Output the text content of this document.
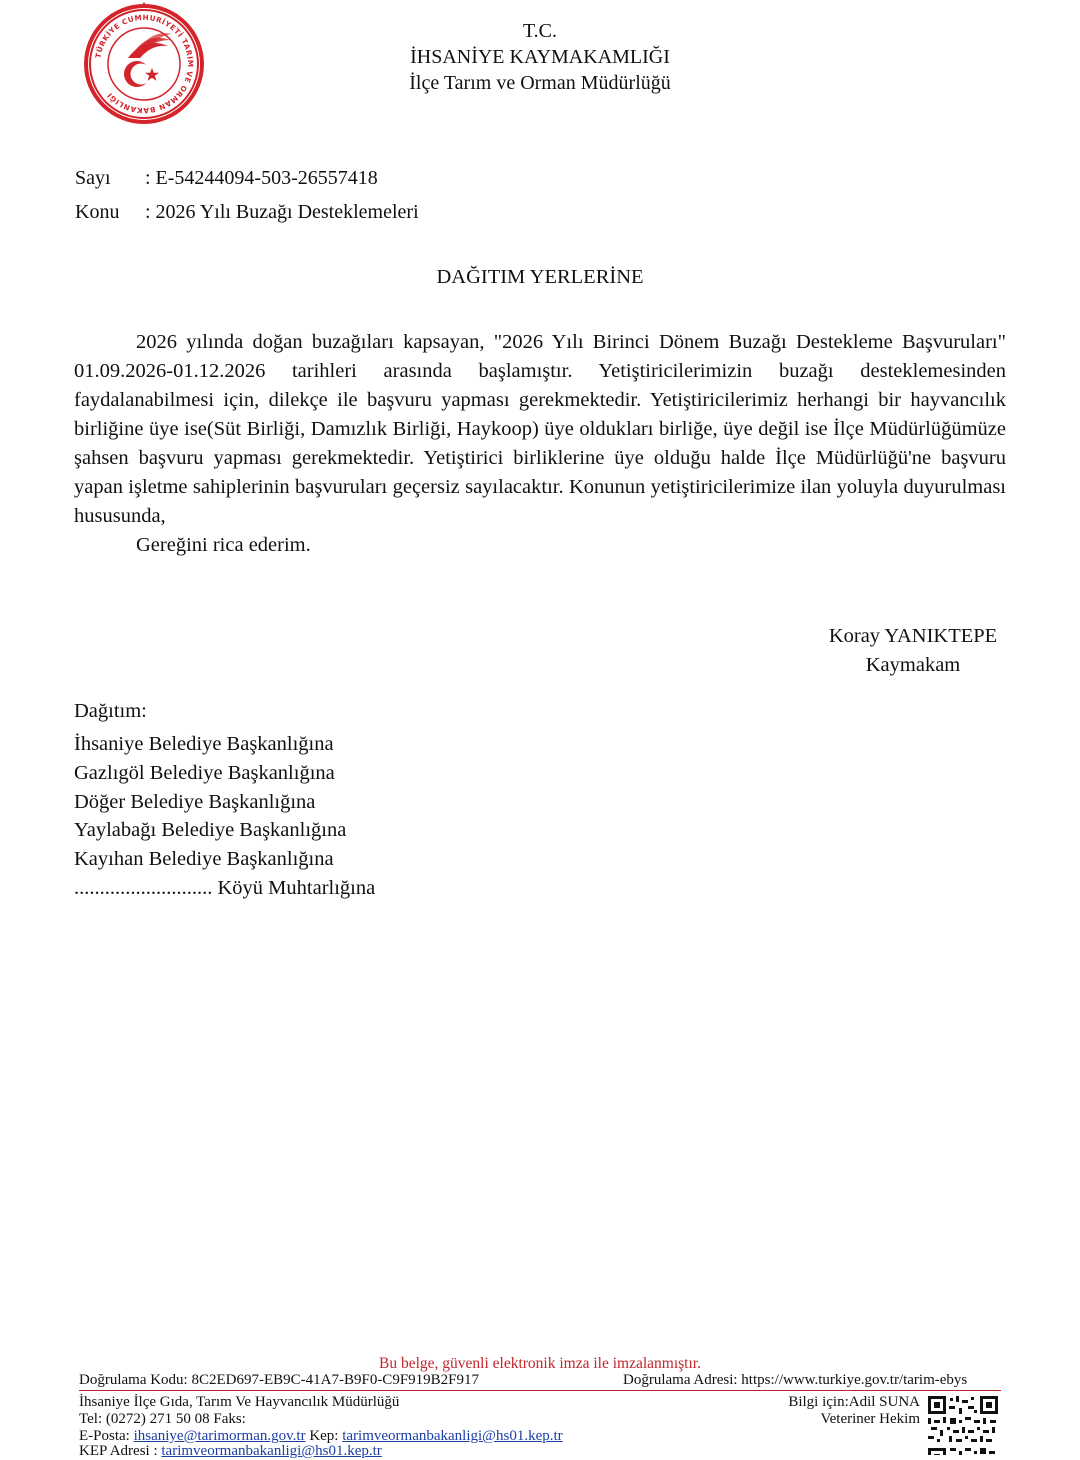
TÜRKİYE CUMHURİYETİ TARIM VE ORMAN BAKANLIĞI
T.C.
İHSANİYE KAYMAKAMLIĞI
İlçe Tarım ve Orman Müdürlüğü
Sayı : E-54244094-503-26557418
Konu : 2026 Yılı Buzağı Desteklemeleri
DAĞITIM YERLERİNE

2026 yılında doğan buzağıları kapsayan, "2026 Yılı Birinci Dönem Buzağı Destekleme Başvuruları" 01.09.2026-01.12.2026 tarihleri arasında başlamıştır. Yetiştiricilerimizin buzağı desteklemesinden faydalanabilmesi için, dilekçe ile başvuru yapması gerekmektedir. Yetiştiricilerimiz herhangi bir hayvancılık birliğine üye ise(Süt Birliği, Damızlık Birliği, Haykoop) üye oldukları birliğe, üye değil ise İlçe Müdürlüğümüze şahsen başvuru yapması gerekmektedir. Yetiştirici birliklerine üye olduğu halde İlçe Müdürlüğü'ne başvuru yapan işletme sahiplerinin başvuruları geçersiz sayılacaktır. Konunun yetiştiricilerimize ilan yoluyla duyurulması hususunda,

Gereğini rica ederim.

Koray YANIKTEPE
Kaymakam
Dağıtım:
İhsaniye Belediye Başkanlığına
Gazlıgöl Belediye Başkanlığına
Döğer Belediye Başkanlığına
Yaylabağı Belediye Başkanlığına
Kayıhan Belediye Başkanlığına
........................... Köyü Muhtarlığına
Bu belge, güvenli elektronik imza ile imzalanmıştır.
Doğrulama Kodu: 8C2ED697-EB9C-41A7-B9F0-C9F919B2F917	Doğrulama Adresi: https://www.turkiye.gov.tr/tarim-ebys
İhsaniye İlçe Gıda, Tarım Ve Hayvancılık Müdürlüğü
Tel: (0272) 271 50 08 Faks:
E-Posta: ihsaniye@tarimorman.gov.tr Kep: tarimveormanbakanligi@hs01.kep.tr
KEP Adresi : tarimveormanbakanligi@hs01.kep.tr
Bilgi için:Adil SUNA
Veteriner Hekim
